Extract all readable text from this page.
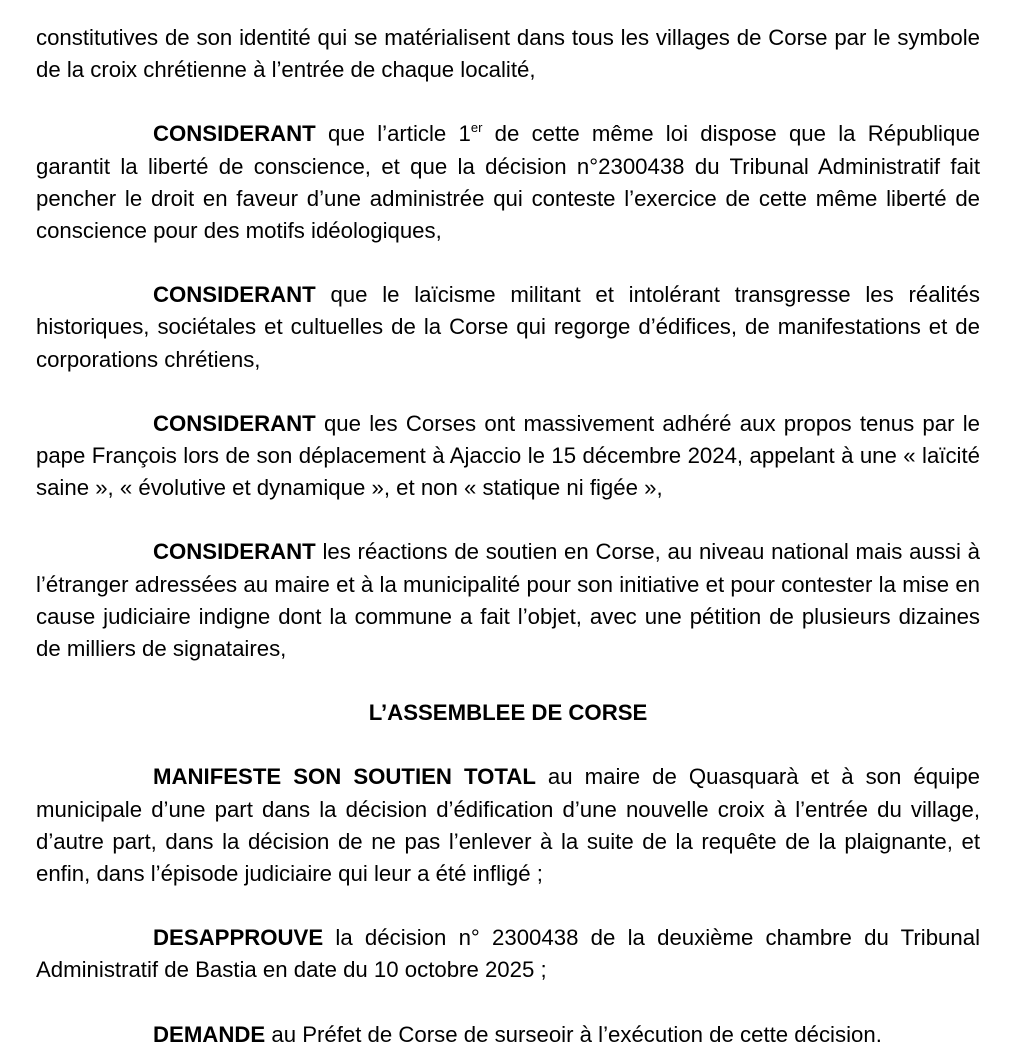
constitutives de son identité qui se matérialisent dans tous les villages de Corse par le symbole de la croix chrétienne à l’entrée de chaque localité,

CONSIDERANT que l’article 1er de cette même loi dispose que la République garantit la liberté de conscience, et que la décision n°2300438 du Tribunal Administratif fait pencher le droit en faveur d’une administrée qui conteste l’exercice de cette même liberté de conscience pour des motifs idéologiques,

CONSIDERANT que le laïcisme militant et intolérant transgresse les réalités historiques, sociétales et cultuelles de la Corse qui regorge d’édifices, de manifestations et de corporations chrétiens,

CONSIDERANT que les Corses ont massivement adhéré aux propos tenus par le pape François lors de son déplacement à Ajaccio le 15 décembre 2024, appelant à une « laïcité saine », « évolutive et dynamique », et non « statique ni figée »,

CONSIDERANT les réactions de soutien en Corse, au niveau national mais aussi à l’étranger adressées au maire et à la municipalité pour son initiative et pour contester la mise en cause judiciaire indigne dont la commune a fait l’objet, avec une pétition de plusieurs dizaines de milliers de signataires,

L’ASSEMBLEE DE CORSE

MANIFESTE SON SOUTIEN TOTAL au maire de Quasquarà et à son équipe municipale d’une part dans la décision d’édification d’une nouvelle croix à l’entrée du village, d’autre part, dans la décision de ne pas l’enlever à la suite de la requête de la plaignante, et enfin, dans l’épisode judiciaire qui leur a été infligé ;

DESAPPROUVE la décision n° 2300438 de la deuxième chambre du Tribunal Administratif de Bastia en date du 10 octobre 2025 ;

DEMANDE au Préfet de Corse de surseoir à l’exécution de cette décision.
